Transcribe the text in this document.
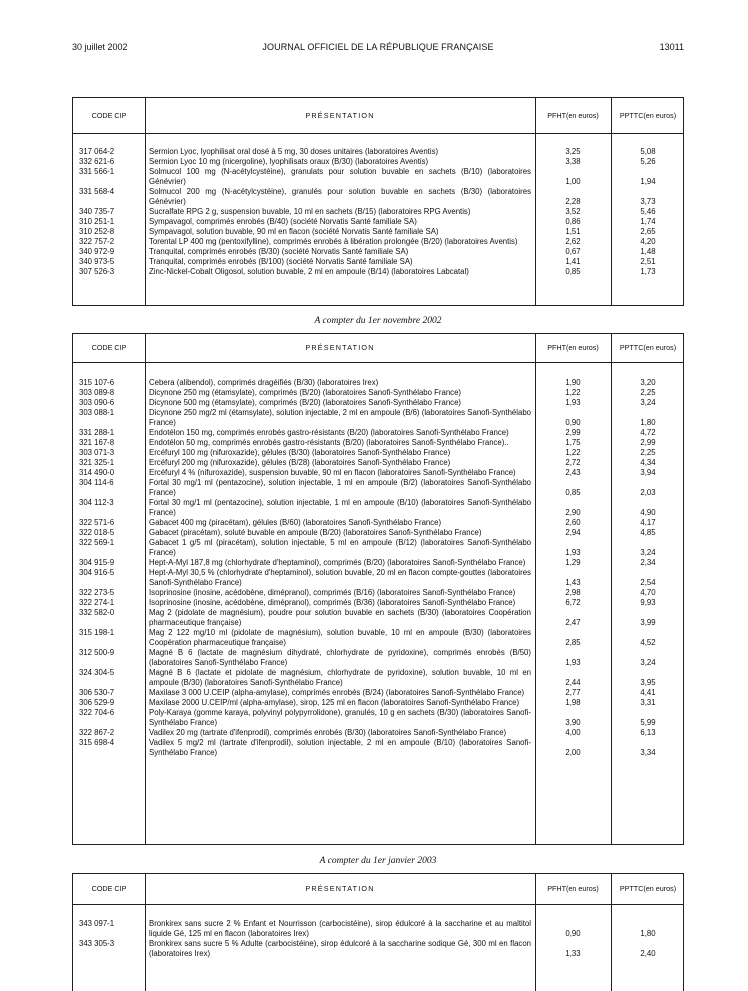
30 juillet 2002	JOURNAL OFFICIEL DE LA RÉPUBLIQUE FRANÇAISE	13011
CODE CIP	PRÉSENTATION	PFHT (en euros)	PPTTC (en euros)
317 064-2	Sermion Lyoc, lyophilisat oral dosé à 5 mg, 30 doses unitaires (laboratoires Aventis)	3,25	5,08
332 621-6	Sermion Lyoc 10 mg (nicergoline), lyophilisats oraux (B/30) (laboratoires Aventis)	3,38	5,26
331 566-1	Solmucol 100 mg (N-acétylcystéine), granulats pour solution buvable en sachets (B/10) (laboratoires Génévrier)	1,00	1,94
331 568-4	Solmucol 200 mg (N-acétylcystéine), granulés pour solution buvable en sachets (B/30) (laboratoires Génévrier)	2,28	3,73
340 735-7	Sucralfate RPG 2 g, suspension buvable, 10 ml en sachets (B/15) (laboratoires RPG Aventis)	3,52	5,46
310 251-1	Sympavagol, comprimés enrobés (B/40) (société Norvatis Santé familiale SA)	0,86	1,74
310 252-8	Sympavagol, solution buvable, 90 ml en flacon (société Norvatis Santé familiale SA)	1,51	2,65
322 757-2	Torental LP 400 mg (pentoxifylline), comprimés enrobés à libération prolongée (B/20) (laboratoires Aventis)	2,62	4,20
340 972-9	Tranquital, comprimés enrobés (B/30) (société Norvatis Santé familiale SA)	0,67	1,48
340 973-5	Tranquital, comprimés enrobés (B/100) (société Norvatis Santé familiale SA)	1,41	2,51
307 526-3	Zinc-Nickel-Cobalt Oligosol, solution buvable, 2 ml en ampoule (B/14) (laboratoires Labcatal)	0,85	1,73
A compter du 1er novembre 2002
CODE CIP	PRÉSENTATION	PFHT (en euros)	PPTTC (en euros)
315 107-6	Cebera (alibendol), comprimés dragéifiés (B/30) (laboratoires Irex)	1,90	3,20
303 089-8	Dicynone 250 mg (étamsylate), comprimés (B/20) (laboratoires Sanofi-Synthélabo France)	1,22	2,25
303 090-6	Dicynone 500 mg (étamsylate), comprimés (B/20) (laboratoires Sanofi-Synthélabo France)	1,93	3,24
303 088-1	Dicynone 250 mg/2 ml (étamsylate), solution injectable, 2 ml en ampoule (B/6) (laboratoires Sanofi-Synthélabo France)	0,90	1,80
331 288-1	Endotélon 150 mg, comprimés enrobés gastro-résistants (B/20) (laboratoires Sanofi-Synthélabo France)	2,99	4,72
321 167-8	Endotélon 50 mg, comprimés enrobés gastro-résistants (B/20) (laboratoires Sanofi-Synthélabo France)..	1,75	2,99
303 071-3	Ercéfuryl 100 mg (nifuroxazide), gélules (B/30) (laboratoires Sanofi-Synthélabo France)	1,22	2,25
321 325-1	Ercéfuryl 200 mg (nifuroxazide), gélules (B/28) (laboratoires Sanofi-Synthélabo France)	2,72	4,34
314 490-0	Ercéfuryl 4 % (nifuroxazide), suspension buvable, 90 ml en flacon (laboratoires Sanofi-Synthélabo France)	2,43	3,94
304 114-6	Fortal 30 mg/1 ml (pentazocine), solution injectable, 1 ml en ampoule (B/2) (laboratoires Sanofi-Synthélabo France)	0,85	2,03
304 112-3	Fortal 30 mg/1 ml (pentazocine), solution injectable, 1 ml en ampoule (B/10) (laboratoires Sanofi-Synthélabo France)	2,90	4,90
322 571-6	Gabacet 400 mg (piracétam), gélules (B/60) (laboratoires Sanofi-Synthélabo France)	2,60	4,17
322 018-5	Gabacet (piracétam), soluté buvable en ampoule (B/20) (laboratoires Sanofi-Synthélabo France)	2,94	4,85
322 569-1	Gabacet 1 g/5 ml (piracétam), solution injectable, 5 ml en ampoule (B/12) (laboratoires Sanofi-Synthélabo France)	1,93	3,24
304 915-9	Hept-A-Myl 187,8 mg (chlorhydrate d'heptaminol), comprimés (B/20) (laboratoires Sanofi-Synthélabo France)	1,29	2,34
304 916-5	Hept-A-Myl 30,5 % (chlorhydrate d'heptaminol), solution buvable, 20 ml en flacon compte-gouttes (laboratoires Sanofi-Synthélabo France)	1,43	2,54
322 273-5	Isoprinosine (inosine, acédobène, dimépranol), comprimés (B/16) (laboratoires Sanofi-Synthélabo France)	2,98	4,70
322 274-1	Isoprinosine (inosine, acédobène, dimépranol), comprimés (B/36) (laboratoires Sanofi-Synthélabo France)	6,72	9,93
332 582-0	Mag 2 (pidolate de magnésium), poudre pour solution buvable en sachets (B/30) (laboratoires Coopération pharmaceutique française)	2,47	3,99
315 198-1	Mag 2 122 mg/10 ml (pidolate de magnésium), solution buvable, 10 ml en ampoule (B/30) (laboratoires Coopération pharmaceutique française)	2,85	4,52
312 500-9	Magné B 6 (lactate de magnésium dihydraté, chlorhydrate de pyridoxine), comprimés enrobés (B/50) (laboratoires Sanofi-Synthélabo France)	1,93	3,24
324 304-5	Magné B 6 (lactate et pidolate de magnésium, chlorhydrate de pyridoxine), solution buvable, 10 ml en ampoule (B/30) (laboratoires Sanofi-Synthélabo France)	2,44	3,95
306 530-7	Maxilase 3 000 U.CEIP (alpha-amylase), comprimés enrobés (B/24) (laboratoires Sanofi-Synthélabo France)	2,77	4,41
306 529-9	Maxilase 2000 U.CEIP/ml (alpha-amylase), sirop, 125 ml en flacon (laboratoires Sanofi-Synthélabo France)	1,98	3,31
322 704-6	Poly-Karaya (gomme karaya, polyvinyl polypyrrolidone), granulés, 10 g en sachets (B/30) (laboratoires Sanofi-Synthélabo France)	3,90	5,99
322 867-2	Vadilex 20 mg (tartrate d'ifenprodil), comprimés enrobés (B/30) (laboratoires Sanofi-Synthélabo France)	4,00	6,13
315 698-4	Vadilex 5 mg/2 ml (tartrate d'ifenprodil), solution injectable, 2 ml en ampoule (B/10) (laboratoires Sanofi-Synthélabo France)	2,00	3,34
A compter du 1er janvier 2003
CODE CIP	PRÉSENTATION	PFHT (en euros)	PPTTC (en euros)
343 097-1	Bronkirex sans sucre 2 % Enfant et Nourrisson (carbocistéine), sirop édulcoré à la saccharine et au maltitol liquide Gé, 125 ml en flacon (laboratoires Irex)	0,90	1,80
343 305-3	Bronkirex sans sucre 5 % Adulte (carbocistéine), sirop édulcoré à la saccharine sodique Gé, 300 ml en flacon (laboratoires Irex)	1,33	2,40
